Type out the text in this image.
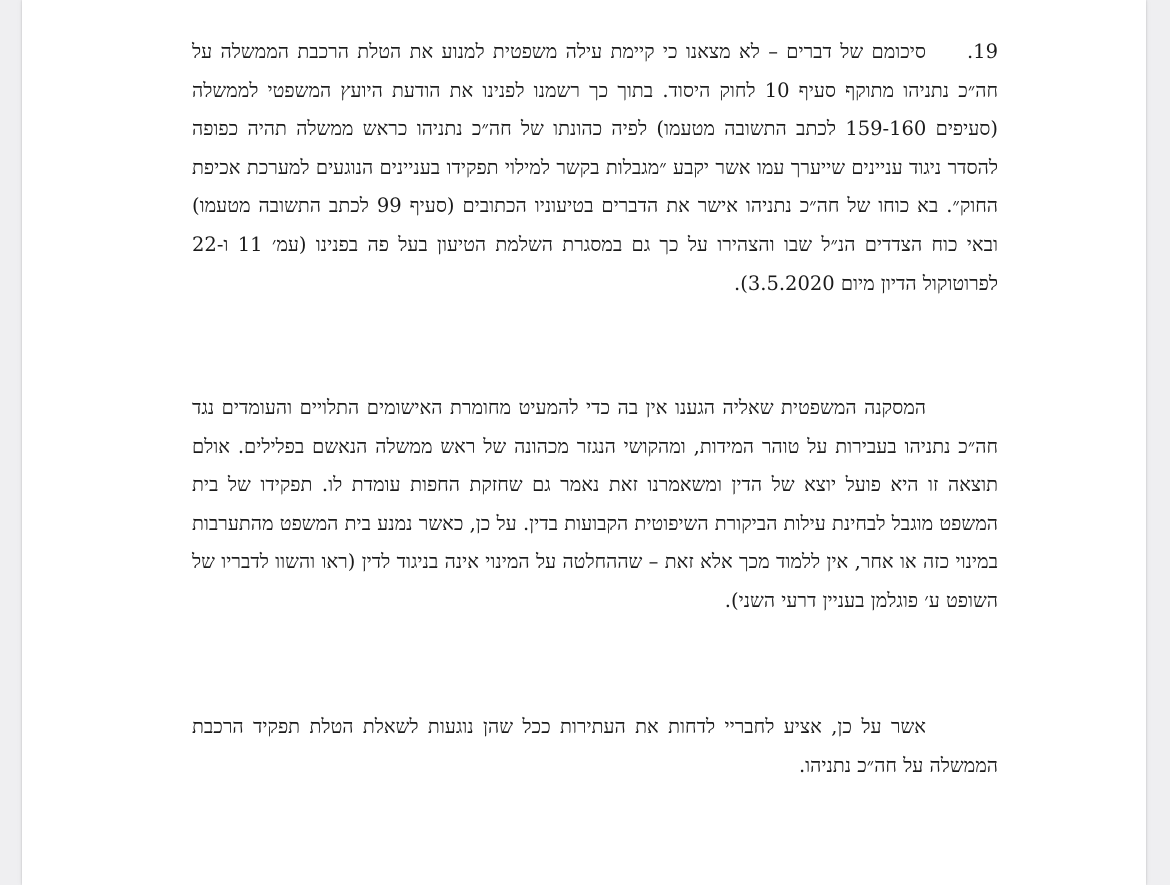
19.סיכומם של דברים – לא מצאנו כי קיימת עילה משפטית למנוע את הטלת הרכבת הממשלה על חה״כ נתניהו מתוקף סעיף 10 לחוק היסוד. בתוך כך רשמנו לפנינו את הודעת היועץ המשפטי לממשלה (סעיפים 159-160 לכתב התשובה מטעמו) לפיה כהונתו של חה״כ נתניהו כראש ממשלה תהיה כפופה להסדר ניגוד עניינים שייערך עמו אשר יקבע ״מגבלות בקשר למילוי תפקידו בעניינים הנוגעים למערכת אכיפת החוק״. בא כוחו של חה״כ נתניהו אישר את הדברים בטיעוניו הכתובים (סעיף 99 לכתב התשובה מטעמו) ובאי כוח הצדדים הנ״ל שבו והצהירו על כך גם במסגרת השלמת הטיעון בעל פה בפנינו (עמ׳ 11 ו-22 לפרוטוקול הדיון מיום 3.5.2020).

המסקנה המשפטית שאליה הגענו אין בה כדי להמעיט מחומרת האישומים התלויים והעומדים נגד חה״כ נתניהו בעבירות על טוהר המידות, ומהקושי הנגזר מכהונה של ראש ממשלה הנאשם בפלילים. אולם תוצאה זו היא פועל יוצא של הדין ומשאמרנו זאת נאמר גם שחזקת החפות עומדת לו. תפקידו של בית המשפט מוגבל לבחינת עילות הביקורת השיפוטית הקבועות בדין. על כן, כאשר נמנע בית המשפט מהתערבות במינוי כזה או אחר, אין ללמוד מכך אלא זאת – שההחלטה על המינוי אינה בניגוד לדין (ראו והשוו לדבריו של השופט ע׳ פוגלמן בעניין דרעי השני).

אשר על כן, אציע לחבריי לדחות את העתירות ככל שהן נוגעות לשאלת הטלת תפקיד הרכבת הממשלה על חה״כ נתניהו.
